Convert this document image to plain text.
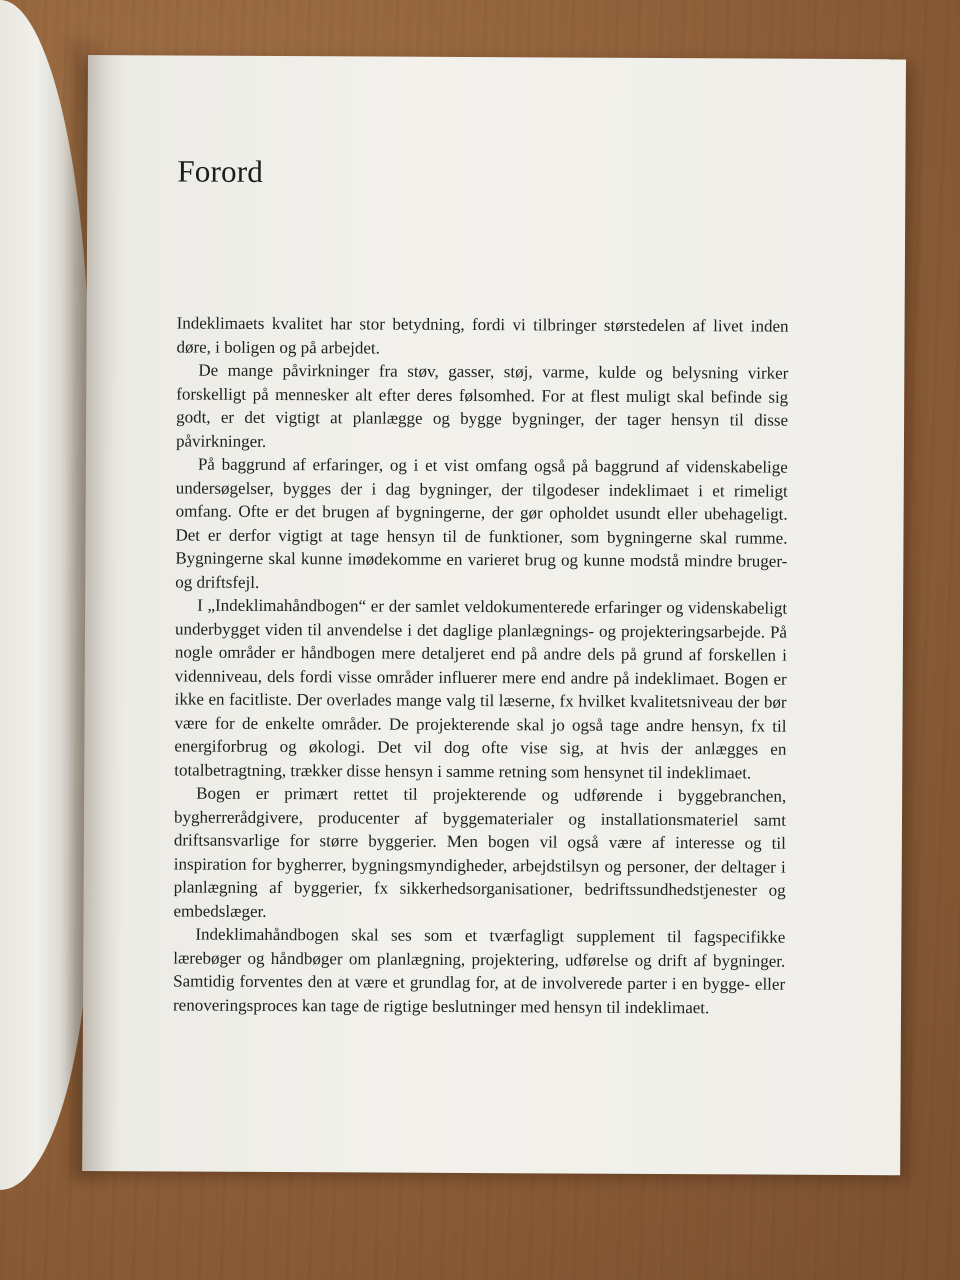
Forord

Indeklimaets kvalitet har stor betydning, fordi vi tilbringer størstedelen af livet inden døre, i boligen og på arbejdet.

De mange påvirkninger fra støv, gasser, støj, varme, kulde og belysning virker forskelligt på mennesker alt efter deres følsomhed. For at flest muligt skal befinde sig godt, er det vigtigt at planlægge og bygge bygninger, der tager hensyn til disse påvirkninger.

På baggrund af erfaringer, og i et vist omfang også på baggrund af videnskabelige undersøgelser, bygges der i dag bygninger, der tilgodeser indeklimaet i et rimeligt omfang. Ofte er det brugen af bygningerne, der gør opholdet usundt eller ubehageligt. Det er derfor vigtigt at tage hensyn til de funktioner, som bygningerne skal rumme. Bygningerne skal kunne imødekomme en varieret brug og kunne modstå mindre bruger- og driftsfejl.

I „Indeklimahåndbogen“ er der samlet veldokumenterede erfaringer og videnskabeligt underbygget viden til anvendelse i det daglige planlægnings- og projekteringsarbejde. På nogle områder er håndbogen mere detaljeret end på andre dels på grund af forskellen i videnniveau, dels fordi visse områder influerer mere end andre på indeklimaet. Bogen er ikke en facitliste. Der overlades mange valg til læserne, fx hvilket kvalitetsniveau der bør være for de enkelte områder. De projekterende skal jo også tage andre hensyn, fx til energiforbrug og økologi. Det vil dog ofte vise sig, at hvis der anlægges en totalbetragtning, trækker disse hensyn i samme retning som hensynet til indeklimaet.

Bogen er primært rettet til projekterende og udførende i byggebranchen, bygherrerådgivere, producenter af byggematerialer og installationsmateriel samt driftsansvarlige for større byggerier. Men bogen vil også være af interesse og til inspiration for bygherrer, bygningsmyndigheder, arbejdstilsyn og personer, der deltager i planlægning af byggerier, fx sikkerhedsorganisationer, bedriftssundhedstjenester og embedslæger.

Indeklimahåndbogen skal ses som et tværfagligt supplement til fagspecifikke lærebøger og håndbøger om planlægning, projektering, udførelse og drift af bygninger. Samtidig forventes den at være et grundlag for, at de involverede parter i en bygge- eller renoveringsproces kan tage de rigtige beslutninger med hensyn til indeklimaet.
